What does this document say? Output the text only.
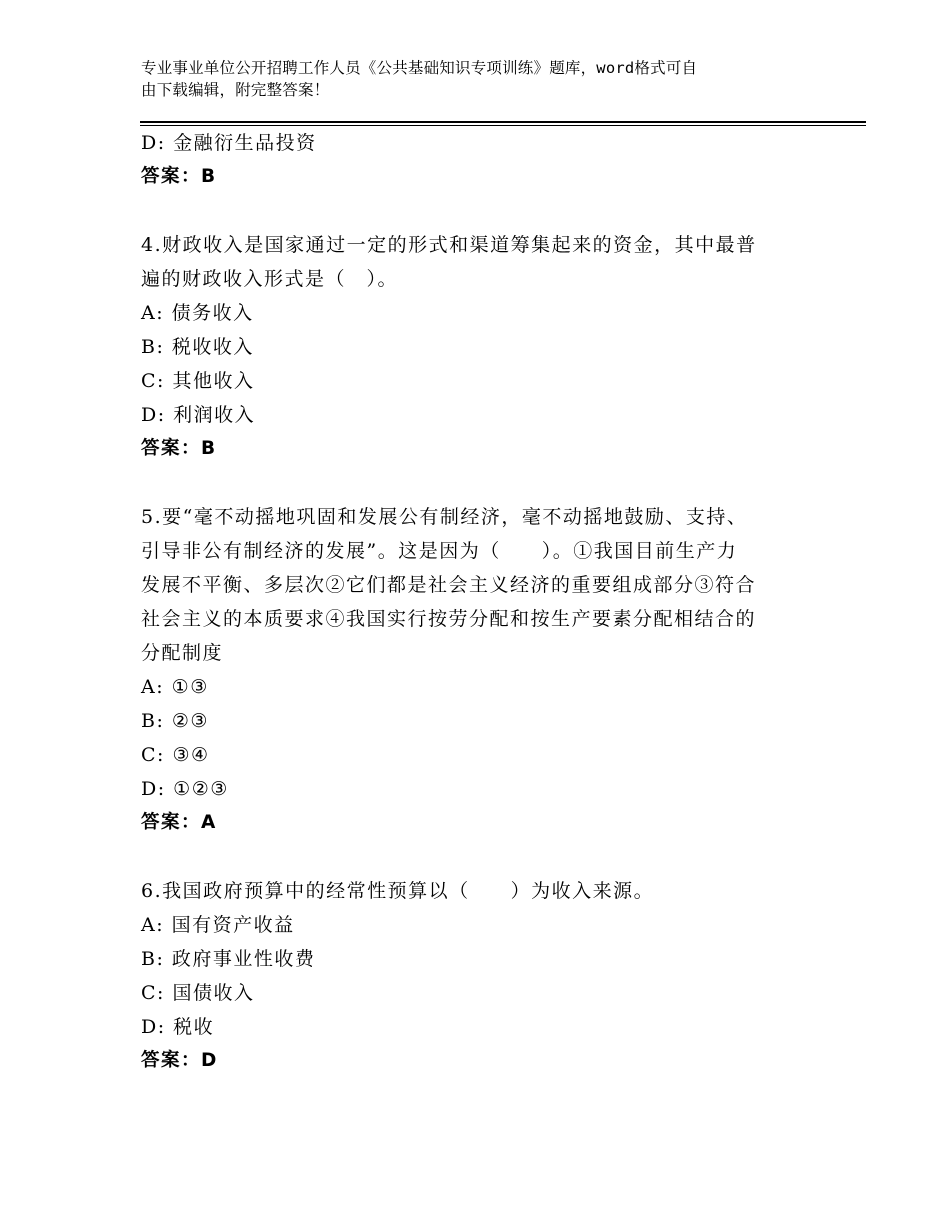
专业事业单位公开招聘工作人员《公共基础知识专项训练》题库，word格式可自
由下载编辑，附完整答案！
D: 金融衍生品投资
答案：B
4.财政收入是国家通过一定的形式和渠道筹集起来的资金，其中最普
遍的财政收入形式是（　）。
A: 债务收入
B: 税收收入
C: 其他收入
D: 利润收入
答案：B
5.要“毫不动摇地巩固和发展公有制经济，毫不动摇地鼓励、支持、
引导非公有制经济的发展”。这是因为（　　）。①我国目前生产力
发展不平衡、多层次②它们都是社会主义经济的重要组成部分③符合
社会主义的本质要求④我国实行按劳分配和按生产要素分配相结合的
分配制度
A: ①③
B: ②③
C: ③④
D: ①②③
答案：A
6.我国政府预算中的经常性预算以（　　）为收入来源。
A: 国有资产收益
B: 政府事业性收费
C: 国债收入
D: 税收
答案：D
